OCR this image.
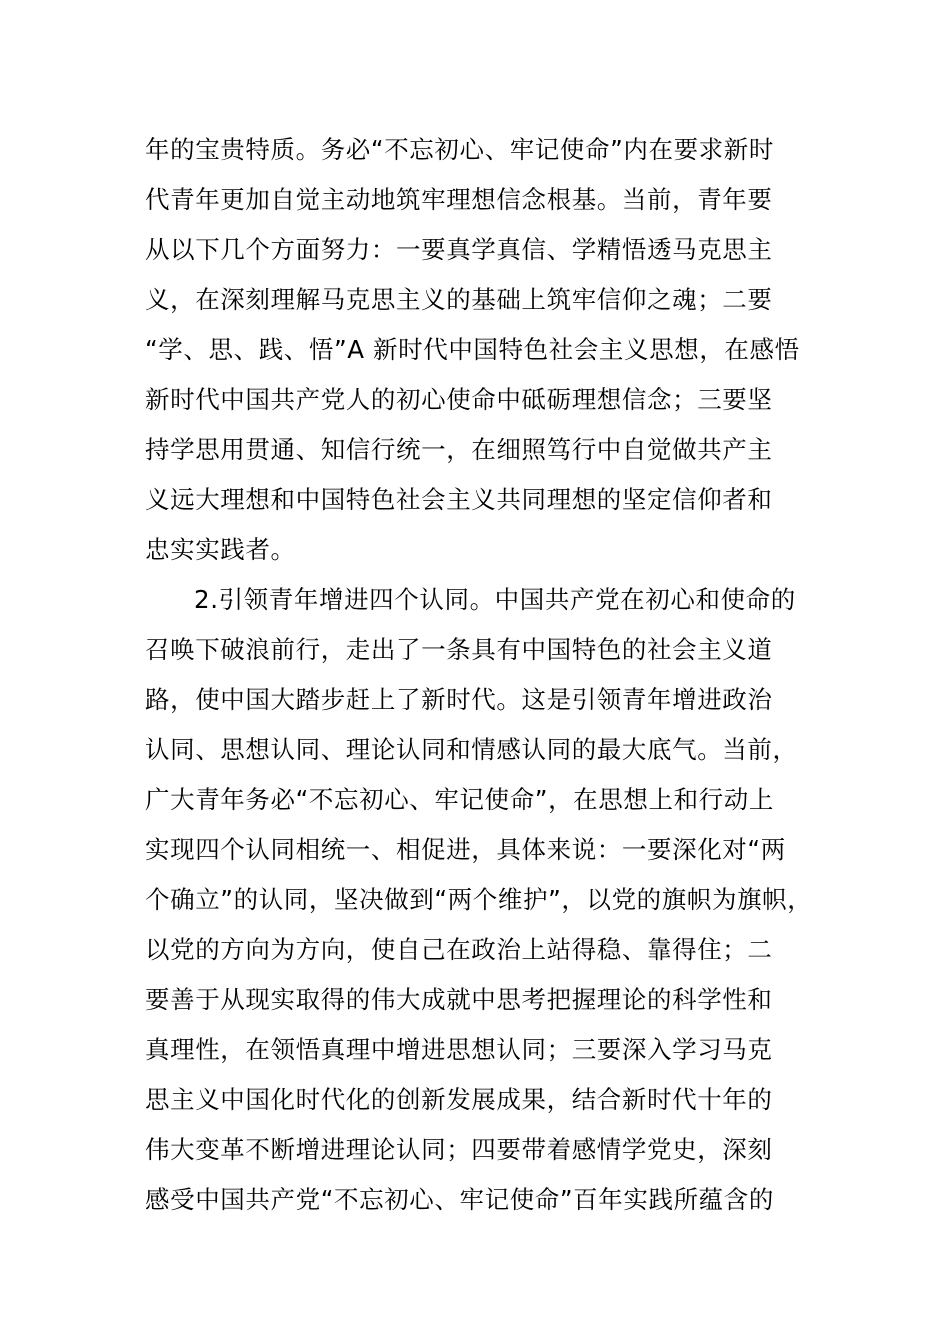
年的宝贵特质。务必“不忘初心、牢记使命”内在要求新时
代青年更加自觉主动地筑牢理想信念根基。当前，青年要
从以下几个方面努力：一要真学真信、学精悟透马克思主
义，在深刻理解马克思主义的基础上筑牢信仰之魂；二要
“学、思、践、悟”A 新时代中国特色社会主义思想，在感悟
新时代中国共产党人的初心使命中砥砺理想信念；三要坚
持学思用贯通、知信行统一，在细照笃行中自觉做共产主
义远大理想和中国特色社会主义共同理想的坚定信仰者和
忠实实践者。
2.引领青年增进四个认同。中国共产党在初心和使命的
召唤下破浪前行，走出了一条具有中国特色的社会主义道
路，使中国大踏步赶上了新时代。这是引领青年增进政治
认同、思想认同、理论认同和情感认同的最大底气。当前，
广大青年务必“不忘初心、牢记使命”，在思想上和行动上
实现四个认同相统一、相促进，具体来说：一要深化对“两
个确立”的认同，坚决做到“两个维护”，以党的旗帜为旗帜，
以党的方向为方向，使自己在政治上站得稳、靠得住；二
要善于从现实取得的伟大成就中思考把握理论的科学性和
真理性，在领悟真理中增进思想认同；三要深入学习马克
思主义中国化时代化的创新发展成果，结合新时代十年的
伟大变革不断增进理论认同；四要带着感情学党史，深刻
感受中国共产党“不忘初心、牢记使命”百年实践所蕴含的
